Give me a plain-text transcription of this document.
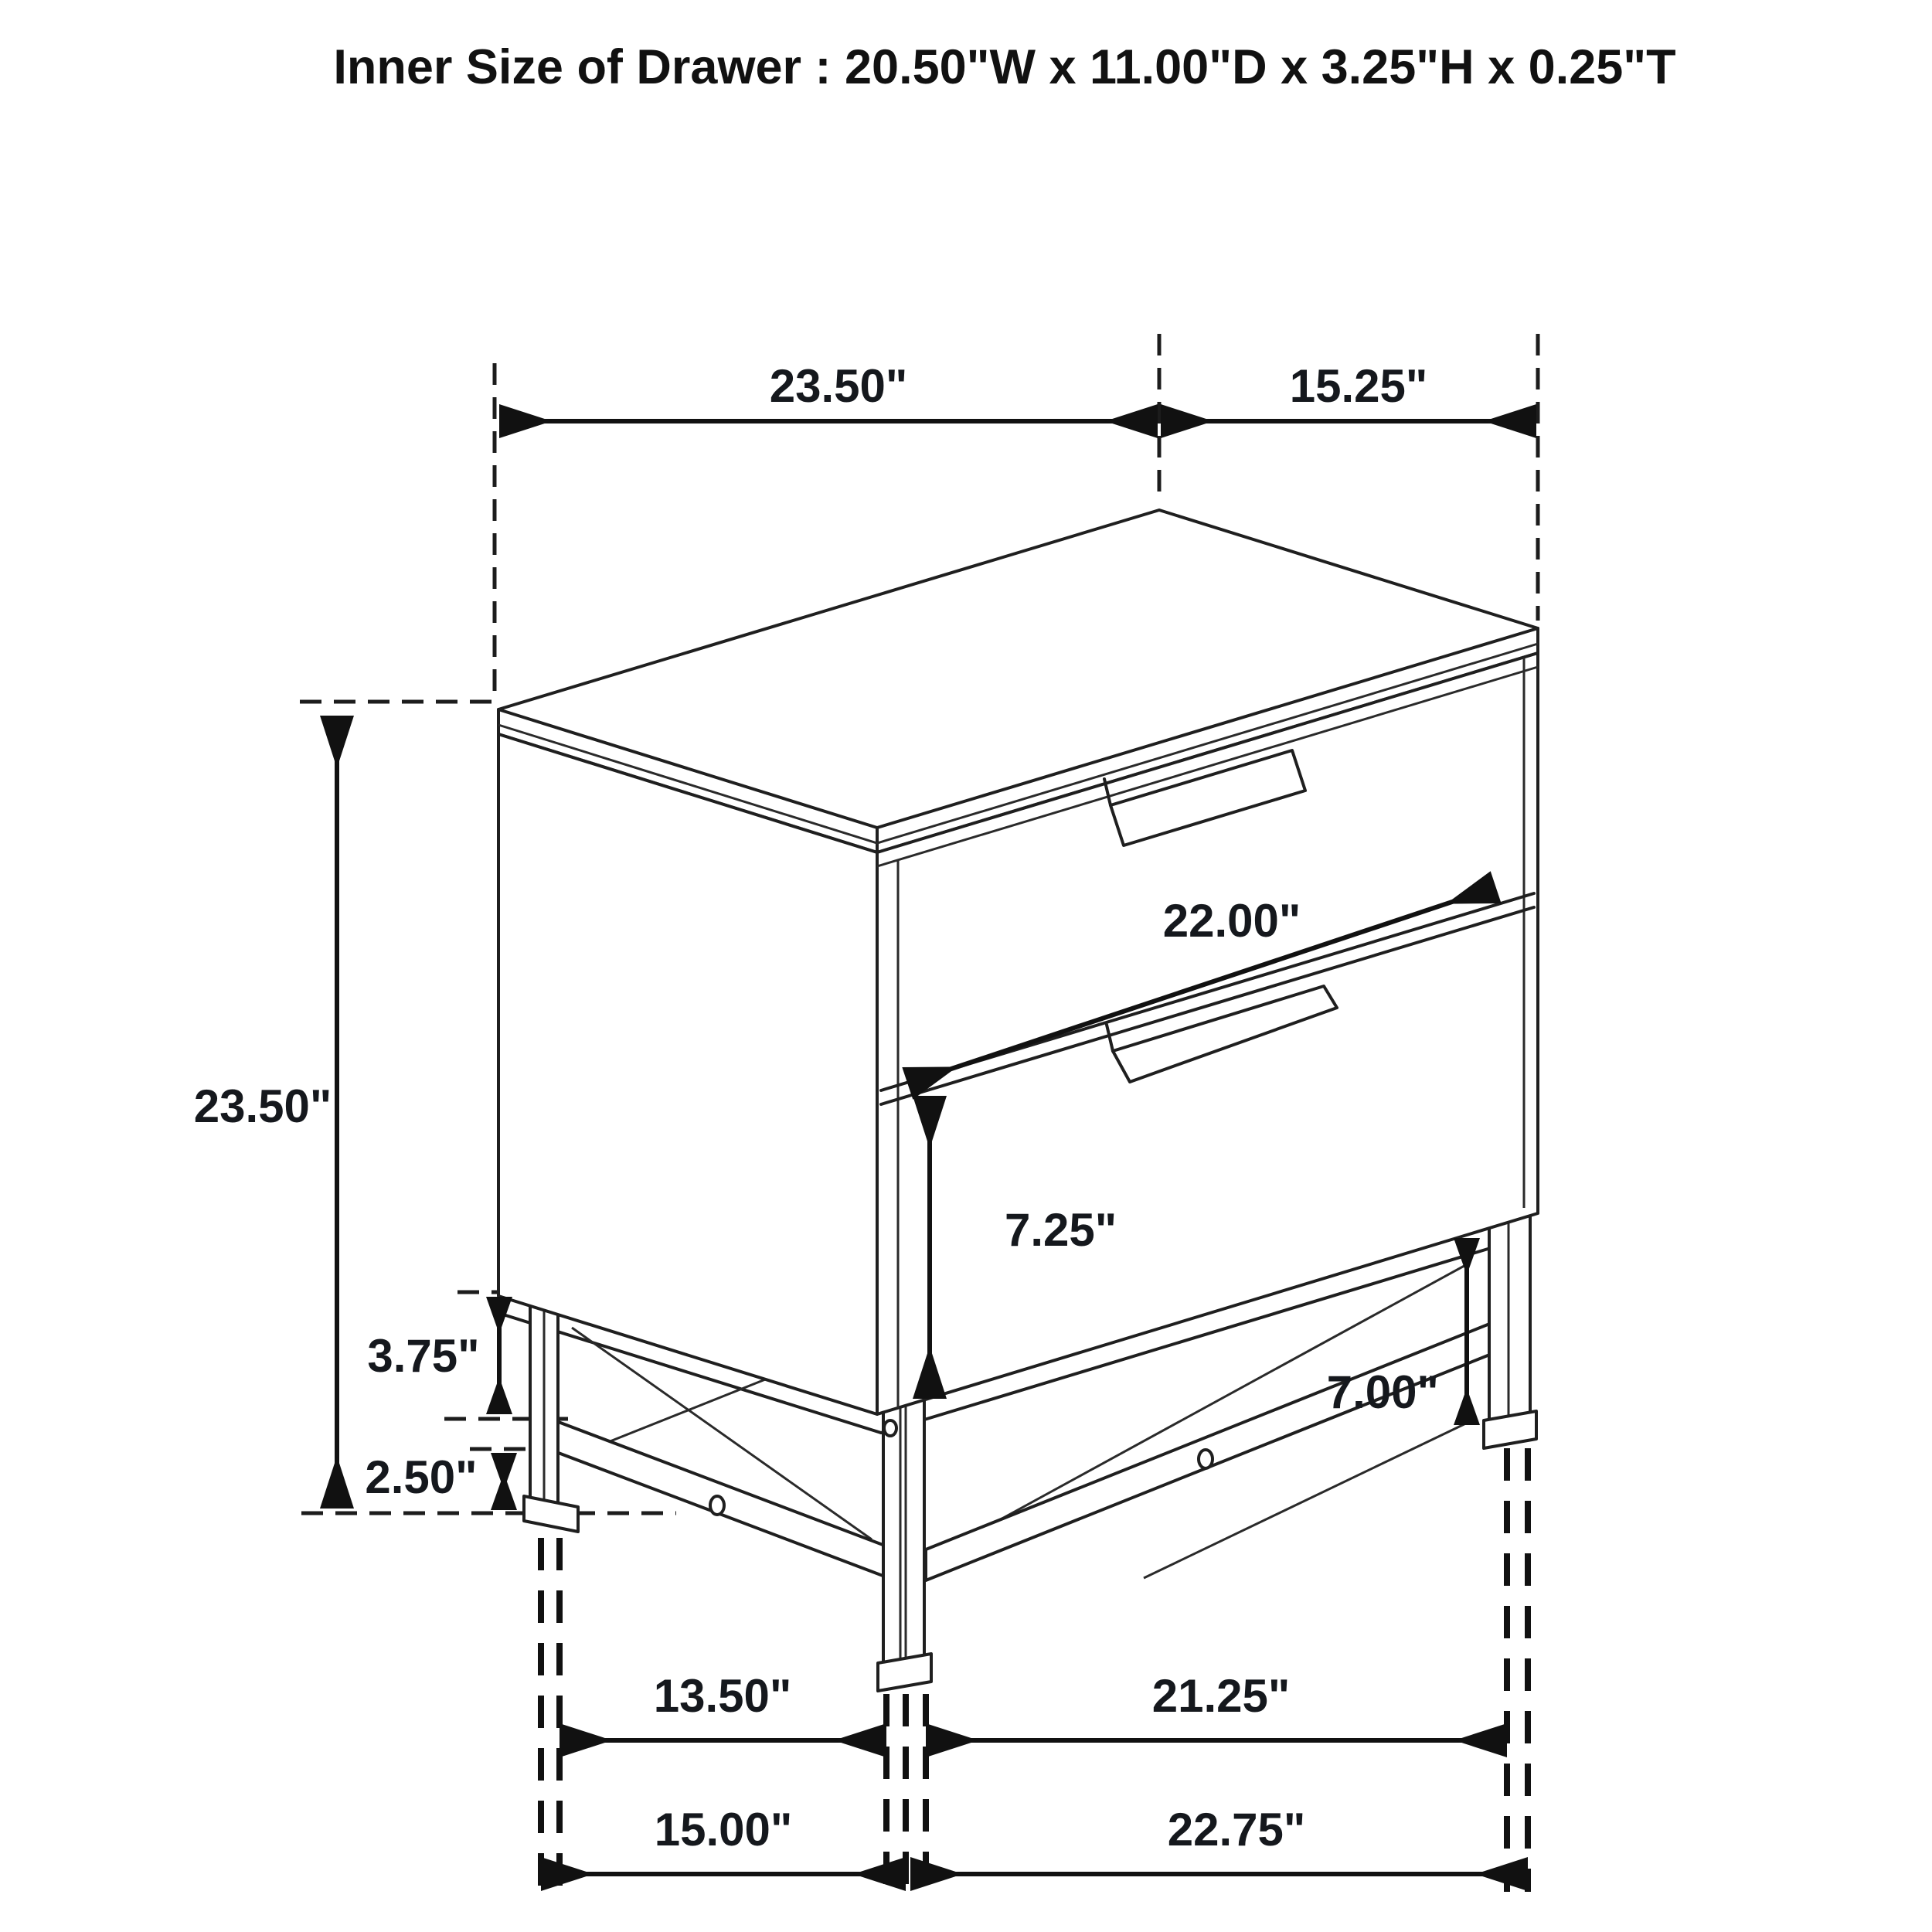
Inner Size of Drawer : 20.50"W x 11.00"D x 3.25"H x 0.25"T
23.50"	15.25"
23.50"
22.00"
7.25"
3.75"
2.50"
7.00"
13.50"	21.25"
15.00"	22.75"
